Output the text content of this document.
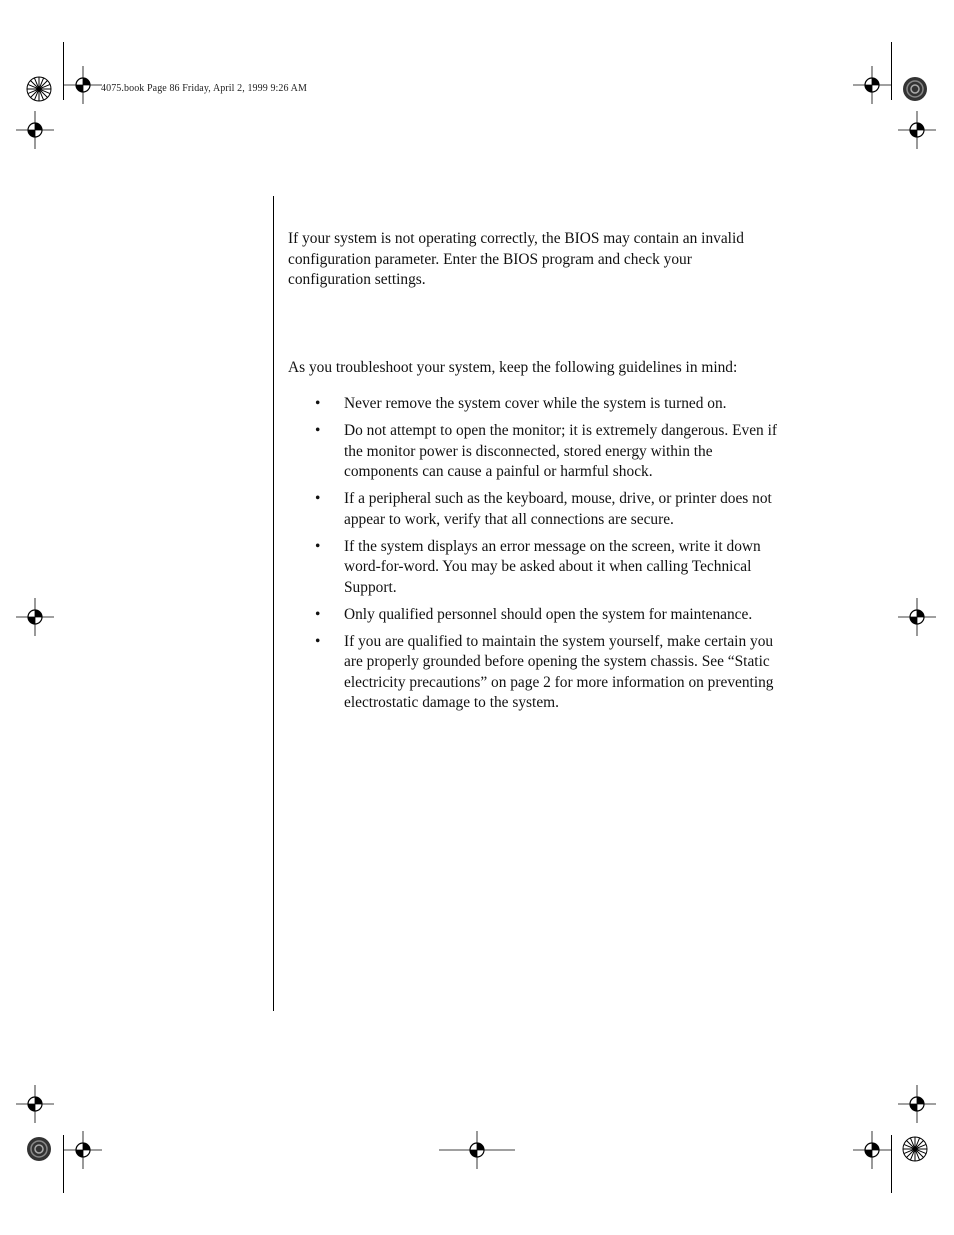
4075.book Page 86 Friday, April 2, 1999 9:26 AM

If your system is not operating correctly, the BIOS may contain an invalid configuration parameter. Enter the BIOS program and check your configuration settings.

As you troubleshoot your system, keep the following guidelines in mind:

• Never remove the system cover while the system is turned on.
• Do not attempt to open the monitor; it is extremely dangerous. Even if the monitor power is disconnected, stored energy within the components can cause a painful or harmful shock.
• If a peripheral such as the keyboard, mouse, drive, or printer does not appear to work, verify that all connections are secure.
• If the system displays an error message on the screen, write it down word-for-word. You may be asked about it when calling Technical Support.
• Only qualified personnel should open the system for maintenance.
• If you are qualified to maintain the system yourself, make certain you are properly grounded before opening the system chassis. See “Static electricity precautions” on page 2 for more information on preventing electrostatic damage to the system.
